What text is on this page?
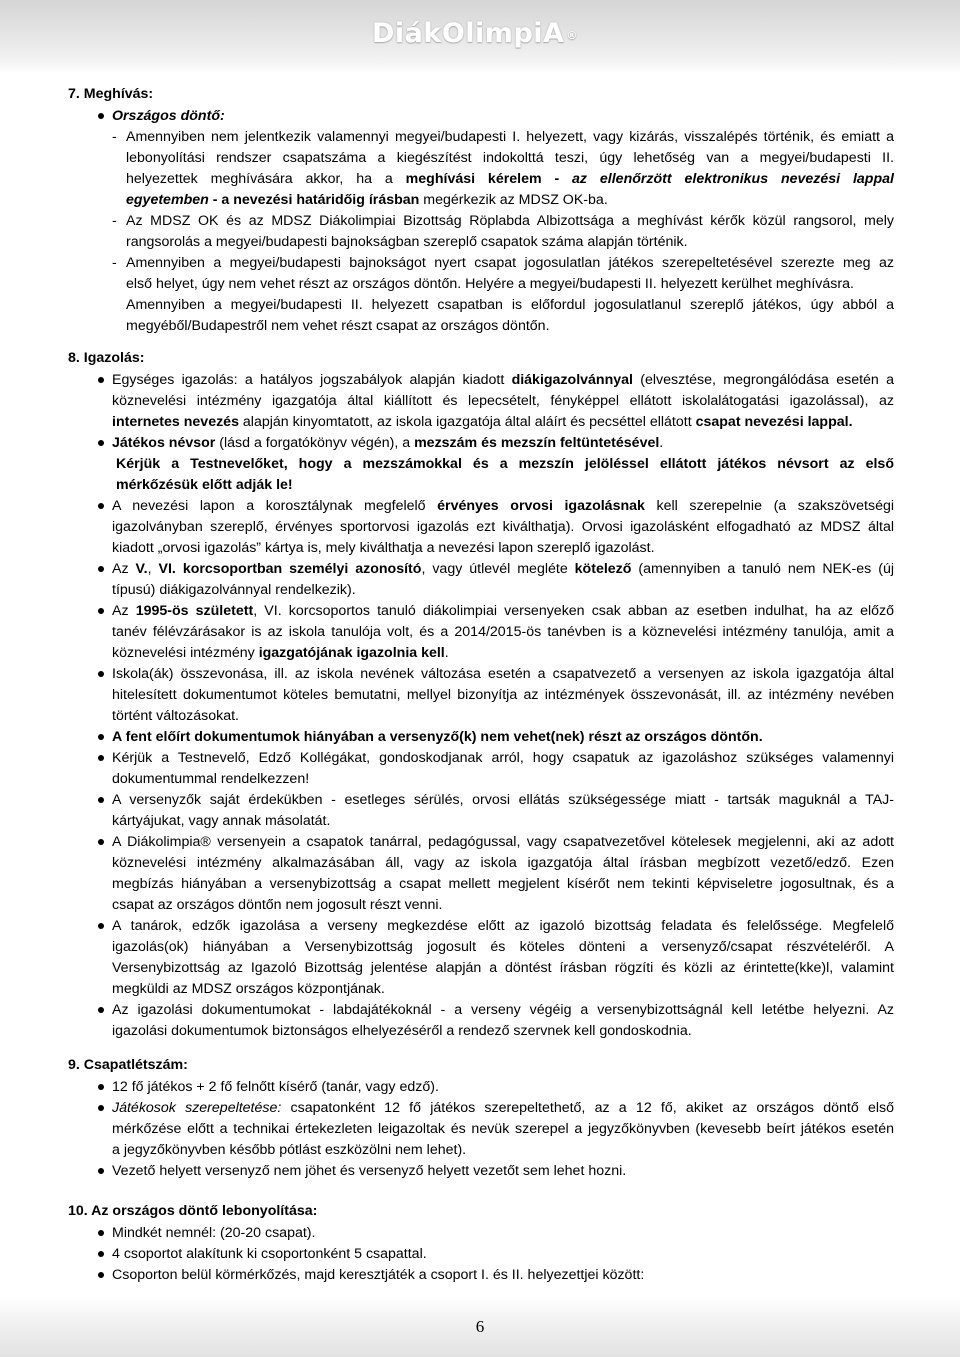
DiákOlimpiA ®
7. Meghívás:
Országos döntő:
- Amennyiben nem jelentkezik valamennyi megyei/budapesti I. helyezett, vagy kizárás, visszalépés történik, és emiatt a
lebonyolítási rendszer csapatszáma a kiegészítést indokolttá teszi, úgy lehetőség van a megyei/budapesti II.
helyezettek meghívására akkor, ha a meghívási kérelem - az ellenőrzött elektronikus nevezési lappal
egyetemben - a nevezési határidőig írásban megérkezik az MDSZ OK-ba.
- Az MDSZ OK és az MDSZ Diákolimpiai Bizottság Röplabda Albizottsága a meghívást kérők közül rangsorol, mely
rangsorolás a megyei/budapesti bajnokságban szereplő csapatok száma alapján történik.
- Amennyiben a megyei/budapesti bajnokságot nyert csapat jogosulatlan játékos szerepeltetésével szerezte meg az
első helyet, úgy nem vehet részt az országos döntőn. Helyére a megyei/budapesti II. helyezett kerülhet meghívásra.
Amennyiben a megyei/budapesti II. helyezett csapatban is előfordul jogosulatlanul szereplő játékos, úgy abból a
megyéből/Budapestről nem vehet részt csapat az országos döntőn.
8. Igazolás:
Egységes igazolás: a hatályos jogszabályok alapján kiadott diákigazolvánnyal (elvesztése, megrongálódása esetén a
köznevelési intézmény igazgatója által kiállított és lepecsételt, fényképpel ellátott iskolalátogatási igazolással), az
internetes nevezés alapján kinyomtatott, az iskola igazgatója által aláírt és pecséttel ellátott csapat nevezési lappal.
Játékos névsor (lásd a forgatókönyv végén), a mezszám és mezszín feltüntetésével.
Kérjük a Testnevelőket, hogy a mezszámokkal és a mezszín jelöléssel ellátott játékos névsort az első
mérkőzésük előtt adják le!
A nevezési lapon a korosztálynak megfelelő érvényes orvosi igazolásnak kell szerepelnie (a szakszövetségi
igazolványban szereplő, érvényes sportorvosi igazolás ezt kiválthatja). Orvosi igazolásként elfogadható az MDSZ által
kiadott „orvosi igazolás” kártya is, mely kiválthatja a nevezési lapon szereplő igazolást.
Az V., VI. korcsoportban személyi azonosító, vagy útlevél megléte kötelező (amennyiben a tanuló nem NEK-es (új
típusú) diákigazolvánnyal rendelkezik).
Az 1995-ös született, VI. korcsoportos tanuló diákolimpiai versenyeken csak abban az esetben indulhat, ha az előző
tanév félévzárásakor is az iskola tanulója volt, és a 2014/2015-ös tanévben is a köznevelési intézmény tanulója, amit a
köznevelési intézmény igazgatójának igazolnia kell.
Iskola(ák) összevonása, ill. az iskola nevének változása esetén a csapatvezető a versenyen az iskola igazgatója által
hitelesített dokumentumot köteles bemutatni, mellyel bizonyítja az intézmények összevonását, ill. az intézmény nevében
történt változásokat.
A fent előírt dokumentumok hiányában a versenyző(k) nem vehet(nek) részt az országos döntőn.
Kérjük a Testnevelő, Edző Kollégákat, gondoskodjanak arról, hogy csapatuk az igazoláshoz szükséges valamennyi
dokumentummal rendelkezzen!
A versenyzők saját érdekükben - esetleges sérülés, orvosi ellátás szükségessége miatt - tartsák maguknál a TAJ-
kártyájukat, vagy annak másolatát.
A Diákolimpia® versenyein a csapatok tanárral, pedagógussal, vagy csapatvezetővel kötelesek megjelenni, aki az adott
köznevelési intézmény alkalmazásában áll, vagy az iskola igazgatója által írásban megbízott vezető/edző. Ezen
megbízás hiányában a versenybizottság a csapat mellett megjelent kísérőt nem tekinti képviseletre jogosultnak, és a
csapat az országos döntőn nem jogosult részt venni.
A tanárok, edzők igazolása a verseny megkezdése előtt az igazoló bizottság feladata és felelőssége. Megfelelő
igazolás(ok) hiányában a Versenybizottság jogosult és köteles dönteni a versenyző/csapat részvételéről. A
Versenybizottság az Igazoló Bizottság jelentése alapján a döntést írásban rögzíti és közli az érintette(kke)l, valamint
megküldi az MDSZ országos központjának.
Az igazolási dokumentumokat - labdajátékoknál - a verseny végéig a versenybizottságnál kell letétbe helyezni. Az
igazolási dokumentumok biztonságos elhelyezéséről a rendező szervnek kell gondoskodnia.
9. Csapatlétszám:
12 fő játékos + 2 fő felnőtt kísérő (tanár, vagy edző).
Játékosok szerepeltetése: csapatonként 12 fő játékos szerepeltethető, az a 12 fő, akiket az országos döntő első
mérkőzése előtt a technikai értekezleten leigazoltak és nevük szerepel a jegyzőkönyvben (kevesebb beírt játékos esetén
a jegyzőkönyvben később pótlást eszközölni nem lehet).
Vezető helyett versenyző nem jöhet és versenyző helyett vezetőt sem lehet hozni.
10. Az országos döntő lebonyolítása:
Mindkét nemnél: (20-20 csapat).
4 csoportot alakítunk ki csoportonként 5 csapattal.
Csoporton belül körmérkőzés, majd keresztjáték a csoport I. és II. helyezettjei között:
6
